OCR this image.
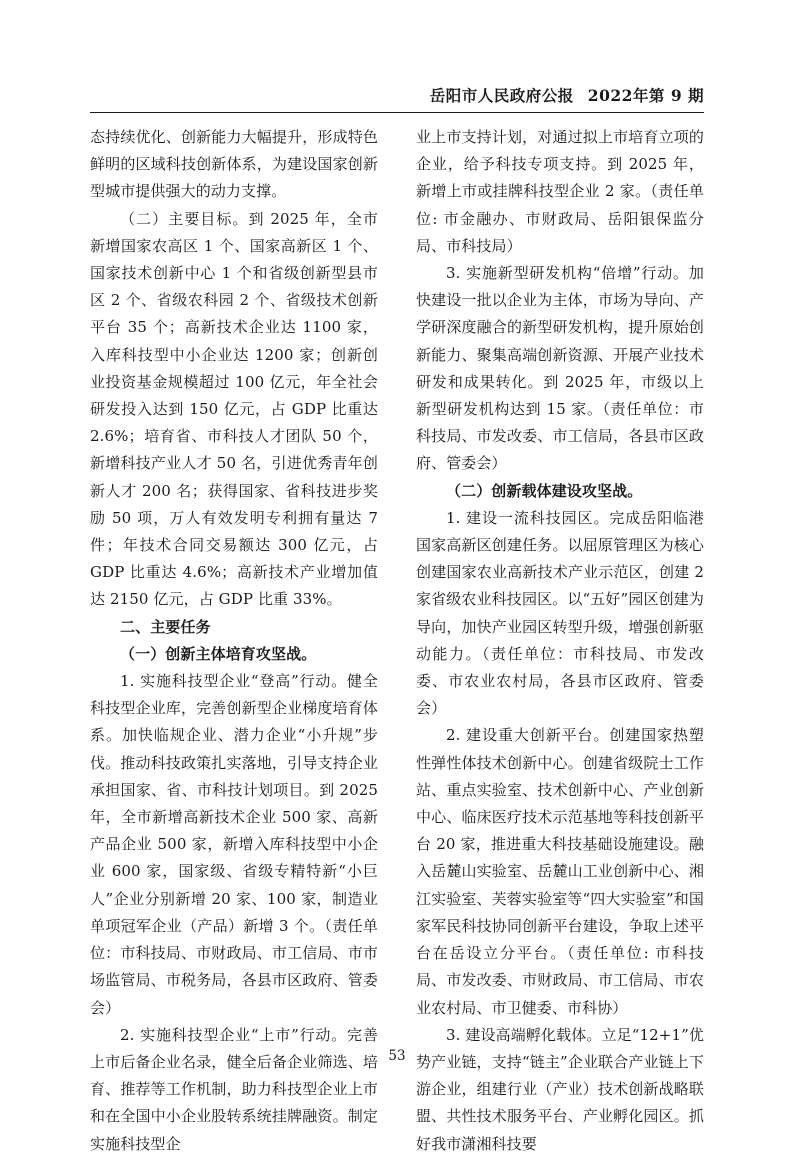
岳阳市人民政府公报 2022年第 9 期

态持续优化、创新能力大幅提升，形成特色鲜明的区域科技创新体系，为建设国家创新型城市提供强大的动力支撑。

（二）主要目标。到 2025 年，全市新增国家农高区 1 个、国家高新区 1 个、国家技术创新中心 1 个和省级创新型县市区 2 个、省级农科园 2 个、省级技术创新平台 35 个；高新技术企业达 1100 家，入库科技型中小企业达 1200 家；创新创业投资基金规模超过 100 亿元，年全社会研发投入达到 150 亿元，占 GDP 比重达 2.6%；培育省、市科技人才团队 50 个，新增科技产业人才 50 名，引进优秀青年创新人才 200 名；获得国家、省科技进步奖励 50 项，万人有效发明专利拥有量达 7 件；年技术合同交易额达 300 亿元，占 GDP 比重达 4.6%；高新技术产业增加值达 2150 亿元，占 GDP 比重 33%。

二、主要任务

（一）创新主体培育攻坚战。

1. 实施科技型企业“登高”行动。健全科技型企业库，完善创新型企业梯度培育体系。加快临规企业、潜力企业“小升规”步伐。推动科技政策扎实落地，引导支持企业承担国家、省、市科技计划项目。到 2025 年，全市新增高新技术企业 500 家、高新产品企业 500 家，新增入库科技型中小企业 600 家，国家级、省级专精特新“小巨人”企业分别新增 20 家、100 家，制造业单项冠军企业（产品）新增 3 个。（责任单位：市科技局、市财政局、市工信局、市市场监管局、市税务局，各县市区政府、管委会）

2. 实施科技型企业“上市”行动。完善上市后备企业名录，健全后备企业筛选、培育、推荐等工作机制，助力科技型企业上市和在全国中小企业股转系统挂牌融资。制定实施科技型企

业上市支持计划，对通过拟上市培育立项的企业，给予科技专项支持。到 2025 年，新增上市或挂牌科技型企业 2 家。（责任单位: 市金融办、市财政局、岳阳银保监分局、市科技局）

3. 实施新型研发机构“倍增”行动。加快建设一批以企业为主体，市场为导向、产学研深度融合的新型研发机构，提升原始创新能力、聚集高端创新资源、开展产业技术研发和成果转化。到 2025 年，市级以上新型研发机构达到 15 家。（责任单位：市科技局、市发改委、市工信局，各县市区政府、管委会）

（二）创新载体建设攻坚战。

1. 建设一流科技园区。完成岳阳临港国家高新区创建任务。以屈原管理区为核心创建国家农业高新技术产业示范区，创建 2 家省级农业科技园区。以“五好”园区创建为导向，加快产业园区转型升级，增强创新驱动能力。（责任单位：市科技局、市发改委、市农业农村局，各县市区政府、管委会）

2. 建设重大创新平台。创建国家热塑性弹性体技术创新中心。创建省级院士工作站、重点实验室、技术创新中心、产业创新中心、临床医疗技术示范基地等科技创新平台 20 家，推进重大科技基础设施建设。融入岳麓山实验室、岳麓山工业创新中心、湘江实验室、芙蓉实验室等“四大实验室”和国家军民科技协同创新平台建设，争取上述平台在岳设立分平台。（责任单位: 市科技局、市发改委、市财政局、市工信局、市农业农村局、市卫健委、市科协）

3. 建设高端孵化载体。立足“12+1”优势产业链，支持“链主”企业联合产业链上下游企业，组建行业（产业）技术创新战略联盟、共性技术服务平台、产业孵化园区。抓好我市潇湘科技要

53
